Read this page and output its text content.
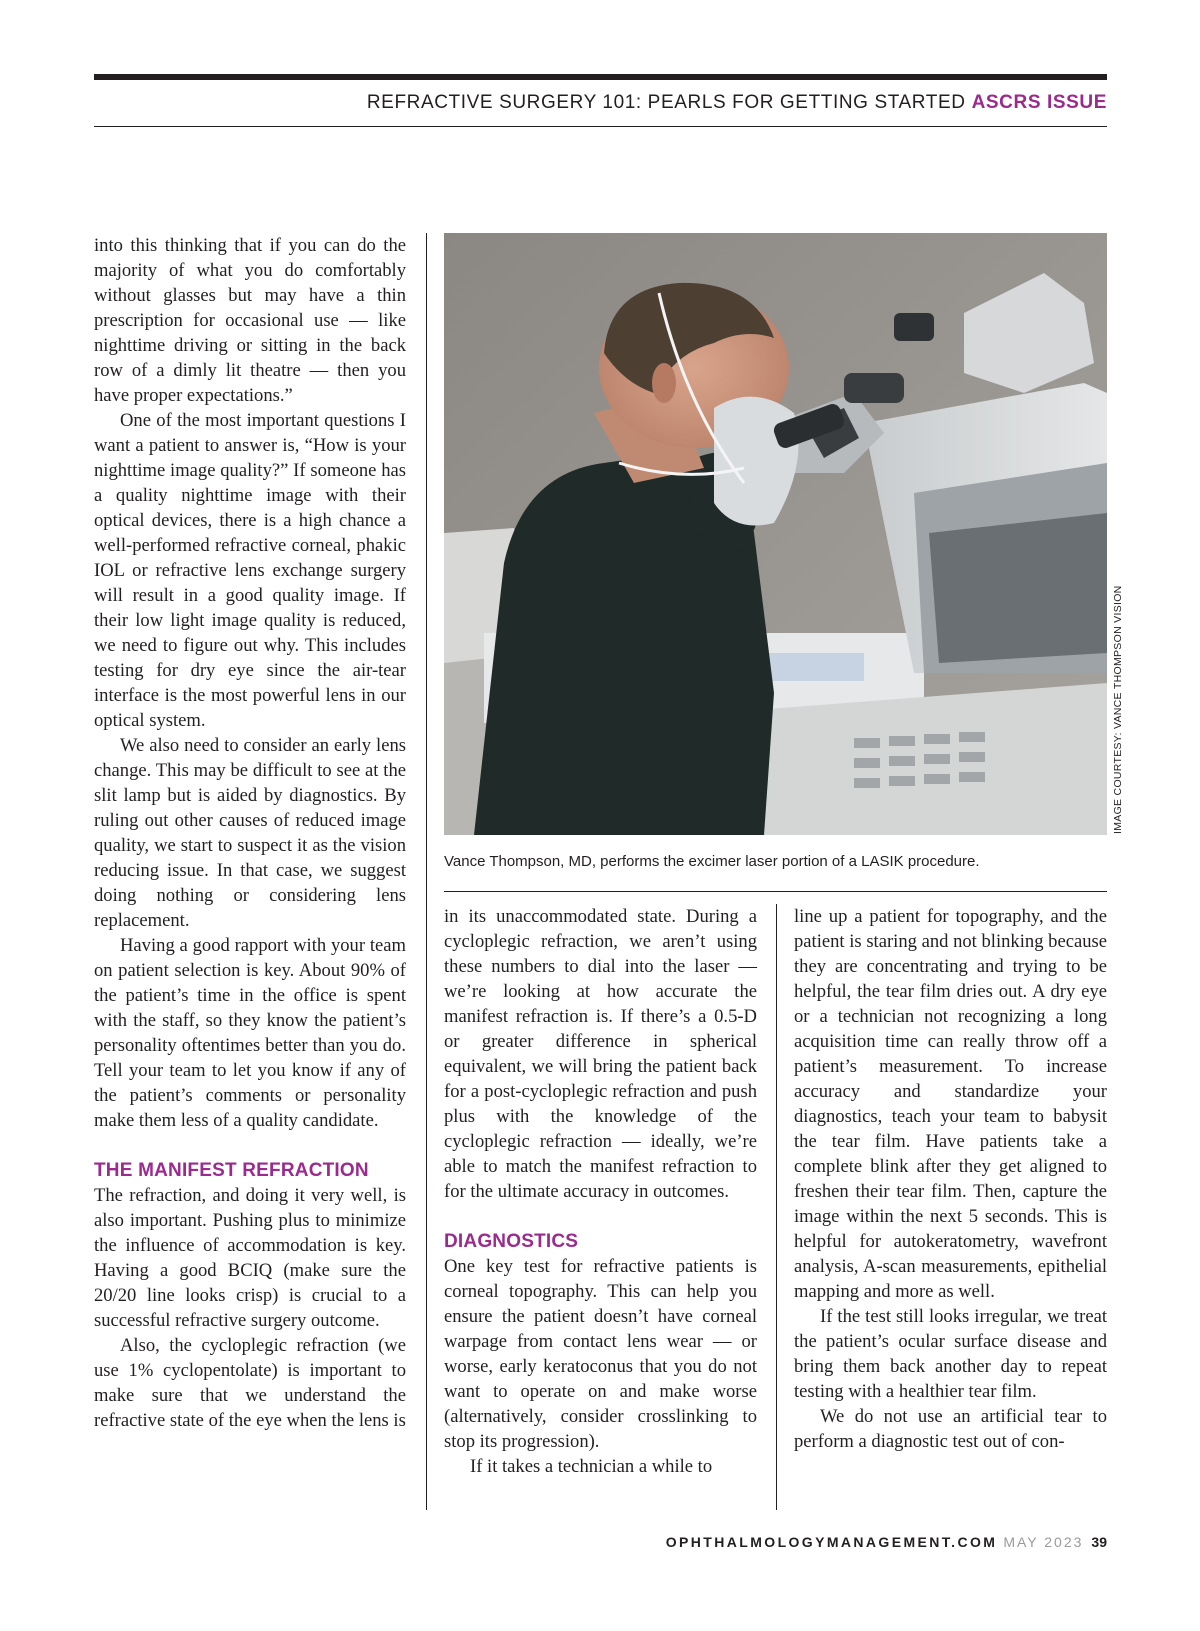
REFRACTIVE SURGERY 101: PEARLS FOR GETTING STARTED ASCRS ISSUE

into this thinking that if you can do the majority of what you do comfortably without glasses but may have a thin prescription for occasional use — like nighttime driving or sitting in the back row of a dimly lit theatre — then you have proper expectations.”

One of the most important questions I want a patient to answer is, “How is your nighttime image quality?” If someone has a quality nighttime image with their optical devices, there is a high chance a well-performed refractive corneal, phakic IOL or refractive lens exchange surgery will result in a good quality image. If their low light image quality is reduced, we need to figure out why. This includes testing for dry eye since the air-tear interface is the most powerful lens in our optical system.

We also need to consider an early lens change. This may be difficult to see at the slit lamp but is aided by diagnostics. By ruling out other causes of reduced image quality, we start to suspect it as the vision reducing issue. In that case, we suggest doing nothing or considering lens replacement.

Having a good rapport with your team on patient selection is key. About 90% of the patient’s time in the office is spent with the staff, so they know the patient’s personality oftentimes better than you do. Tell your team to let you know if any of the patient’s comments or personality make them less of a quality candidate.

THE MANIFEST REFRACTION

The refraction, and doing it very well, is also important. Pushing plus to minimize the influence of accommodation is key. Having a good BCIQ (make sure the 20/20 line looks crisp) is crucial to a successful refractive surgery outcome.

Also, the cycloplegic refraction (we use 1% cyclopentolate) is important to make sure that we understand the refractive state of the eye when the lens is

IMAGE COURTESY: VANCE THOMPSON VISION
Vance Thompson, MD, performs the excimer laser portion of a LASIK procedure.

in its unaccommodated state. During a cycloplegic refraction, we aren’t using these numbers to dial into the laser — we’re looking at how accurate the manifest refraction is. If there’s a 0.5-D or greater difference in spherical equivalent, we will bring the patient back for a post-cycloplegic refraction and push plus with the knowledge of the cycloplegic refraction — ideally, we’re able to match the manifest refraction to for the ultimate accuracy in outcomes.

DIAGNOSTICS

One key test for refractive patients is corneal topography. This can help you ensure the patient doesn’t have corneal warpage from contact lens wear — or worse, early keratoconus that you do not want to operate on and make worse (alternatively, consider crosslinking to stop its progression).

If it takes a technician a while to

line up a patient for topography, and the patient is staring and not blinking because they are concentrating and trying to be helpful, the tear film dries out. A dry eye or a technician not recognizing a long acquisition time can really throw off a patient’s measurement. To increase accuracy and standardize your diagnostics, teach your team to babysit the tear film. Have patients take a complete blink after they get aligned to freshen their tear film. Then, capture the image within the next 5 seconds. This is helpful for autokeratometry, wavefront analysis, A-scan measurements, epithelial mapping and more as well.

If the test still looks irregular, we treat the patient’s ocular surface disease and bring them back another day to repeat testing with a healthier tear film.

We do not use an artificial tear to perform a diagnostic test out of con-

OPHTHALMOLOGYMANAGEMENT.COM MAY 2023 39
